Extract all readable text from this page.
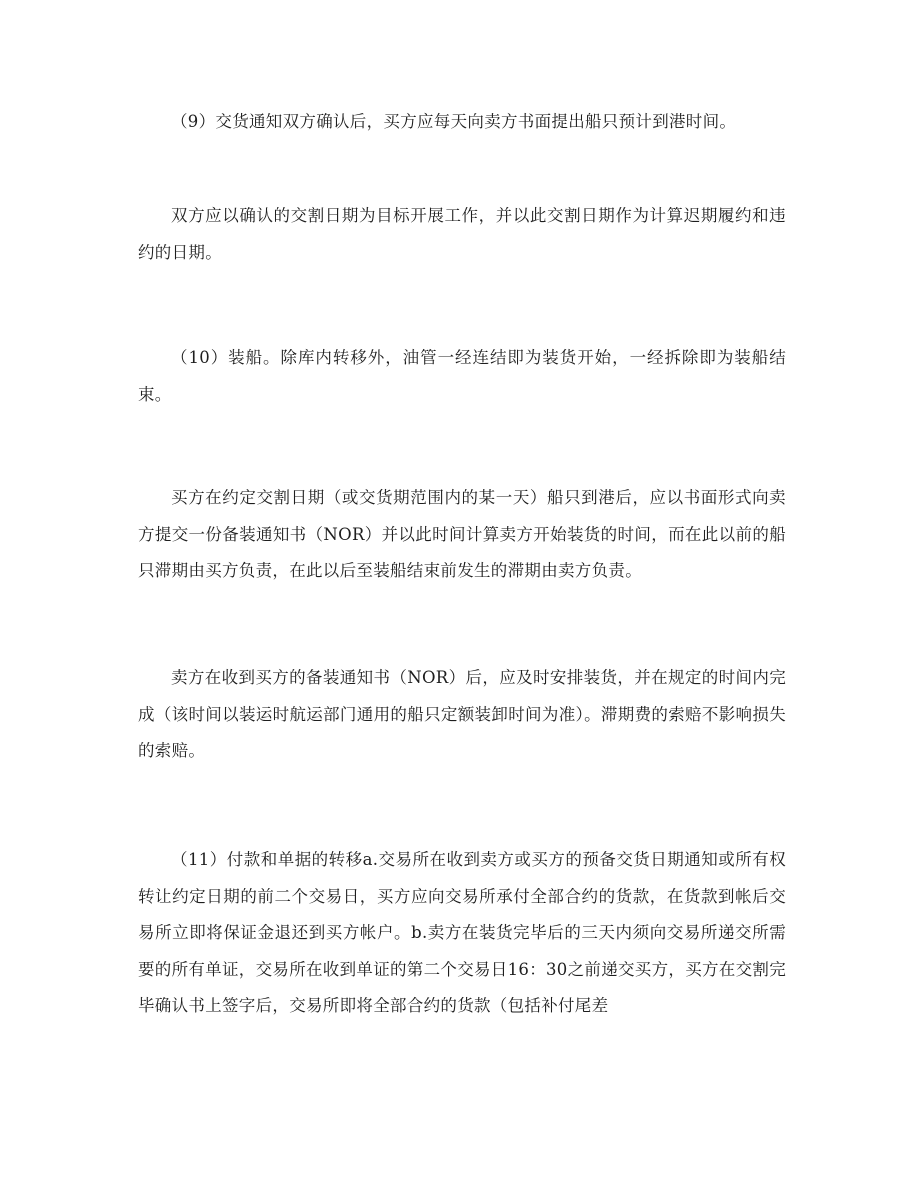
（9）交货通知双方确认后，买方应每天向卖方书面提出船只预计到港时间。

双方应以确认的交割日期为目标开展工作，并以此交割日期作为计算迟期履约和违约的日期。

（10）装船。除库内转移外，油管一经连结即为装货开始，一经拆除即为装船结束。

买方在约定交割日期（或交货期范围内的某一天）船只到港后，应以书面形式向卖方提交一份备装通知书（NOR）并以此时间计算卖方开始装货的时间，而在此以前的船只滞期由买方负责，在此以后至装船结束前发生的滞期由卖方负责。

卖方在收到买方的备装通知书（NOR）后，应及时安排装货，并在规定的时间内完成（该时间以装运时航运部门通用的船只定额装卸时间为准）。滞期费的索赔不影响损失的索赔。

（11）付款和单据的转移a.交易所在收到卖方或买方的预备交货日期通知或所有权转让约定日期的前二个交易日，买方应向交易所承付全部合约的货款，在货款到帐后交易所立即将保证金退还到买方帐户。b.卖方在装货完毕后的三天内须向交易所递交所需要的所有单证，交易所在收到单证的第二个交易日16：30之前递交买方，买方在交割完毕确认书上签字后，交易所即将全部合约的货款（包括补付尾差
